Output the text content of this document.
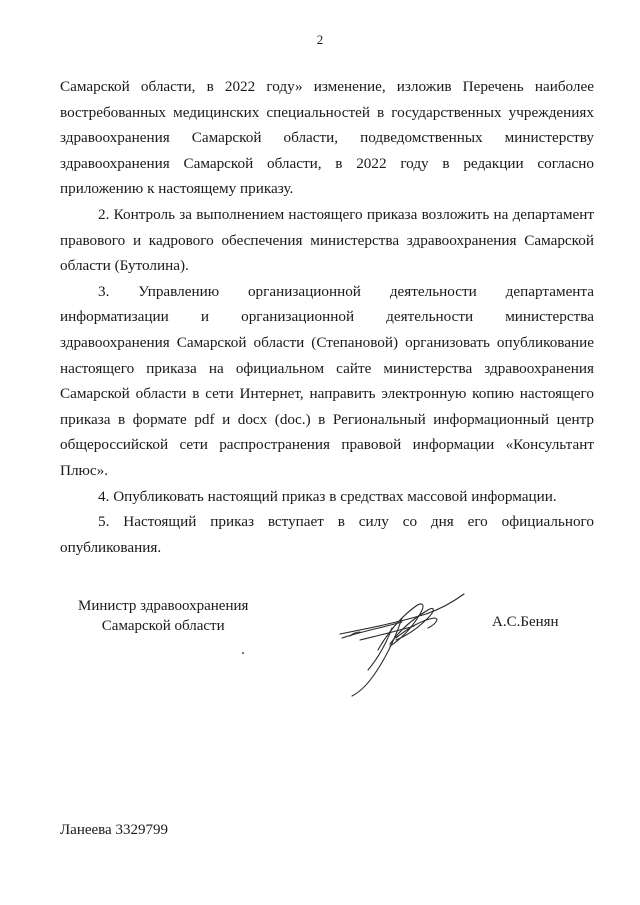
2

Самарской области, в 2022 году» изменение, изложив Перечень наиболее востребованных медицинских специальностей в государственных учреждениях здравоохранения Самарской области, подведомственных министерству здравоохранения Самарской области, в 2022 году в редакции согласно приложению к настоящему приказу.

2. Контроль за выполнением настоящего приказа возложить на департамент правового и кадрового обеспечения министерства здравоохранения Самарской области (Бутолина).

3. Управлению организационной деятельности департамента информатизации и организационной деятельности министерства здравоохранения Самарской области (Степановой) организовать опубликование настоящего приказа на официальном сайте министерства здравоохранения Самарской области в сети Интернет, направить электронную копию настоящего приказа в формате pdf и docx (doc.) в Региональный информационный центр общероссийской сети распространения правовой информации «Консультант Плюс».

4. Опубликовать настоящий приказ в средствах массовой информации.

5. Настоящий приказ вступает в силу со дня его официального опубликования.

Министр здравоохранения
Самарской области	А.С.Бенян
Ланеева 3329799
